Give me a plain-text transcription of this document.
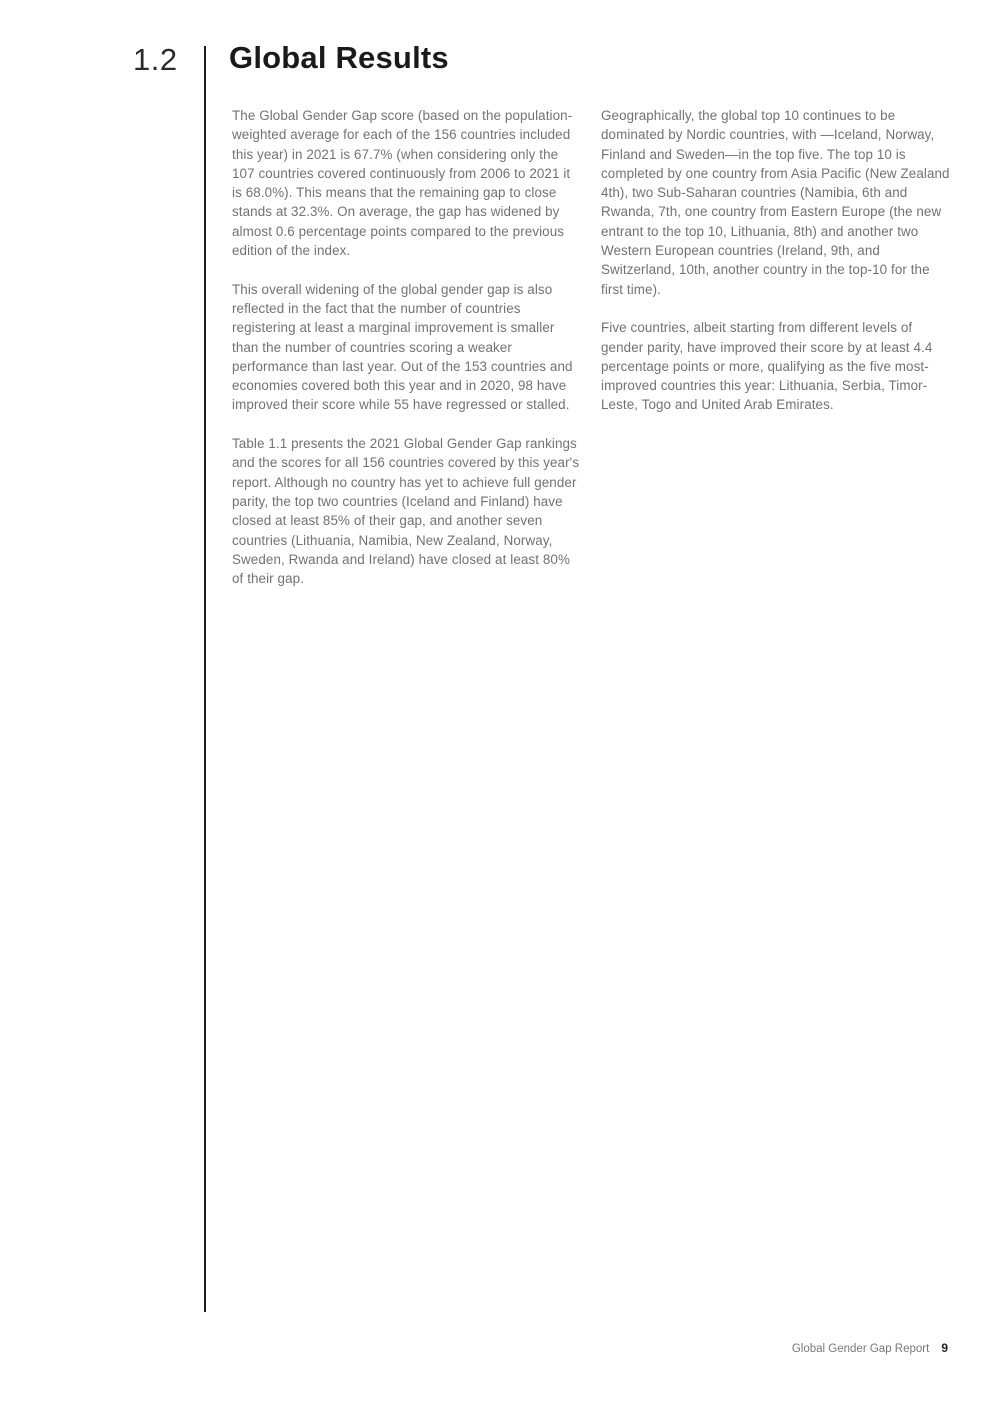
1.2 Global Results

The Global Gender Gap score (based on the population-weighted average for each of the 156 countries included this year) in 2021 is 67.7% (when considering only the 107 countries covered continuously from 2006 to 2021 it is 68.0%). This means that the remaining gap to close stands at 32.3%. On average, the gap has widened by almost 0.6 percentage points compared to the previous edition of the index.

This overall widening of the global gender gap is also reflected in the fact that the number of countries registering at least a marginal improvement is smaller than the number of countries scoring a weaker performance than last year. Out of the 153 countries and economies covered both this year and in 2020, 98 have improved their score while 55 have regressed or stalled.

Table 1.1 presents the 2021 Global Gender Gap rankings and the scores for all 156 countries covered by this year's report. Although no country has yet to achieve full gender parity, the top two countries (Iceland and Finland) have closed at least 85% of their gap, and another seven countries (Lithuania, Namibia, New Zealand, Norway, Sweden, Rwanda and Ireland) have closed at least 80% of their gap.

Geographically, the global top 10 continues to be dominated by Nordic countries, with —Iceland, Norway, Finland and Sweden—in the top five. The top 10 is completed by one country from Asia Pacific (New Zealand 4th), two Sub-Saharan countries (Namibia, 6th and Rwanda, 7th, one country from Eastern Europe (the new entrant to the top 10, Lithuania, 8th) and another two Western European countries (Ireland, 9th, and Switzerland, 10th, another country in the top-10 for the first time).

Five countries, albeit starting from different levels of gender parity, have improved their score by at least 4.4 percentage points or more, qualifying as the five most-improved countries this year: Lithuania, Serbia, Timor-Leste, Togo and United Arab Emirates.

Global Gender Gap Report 9
